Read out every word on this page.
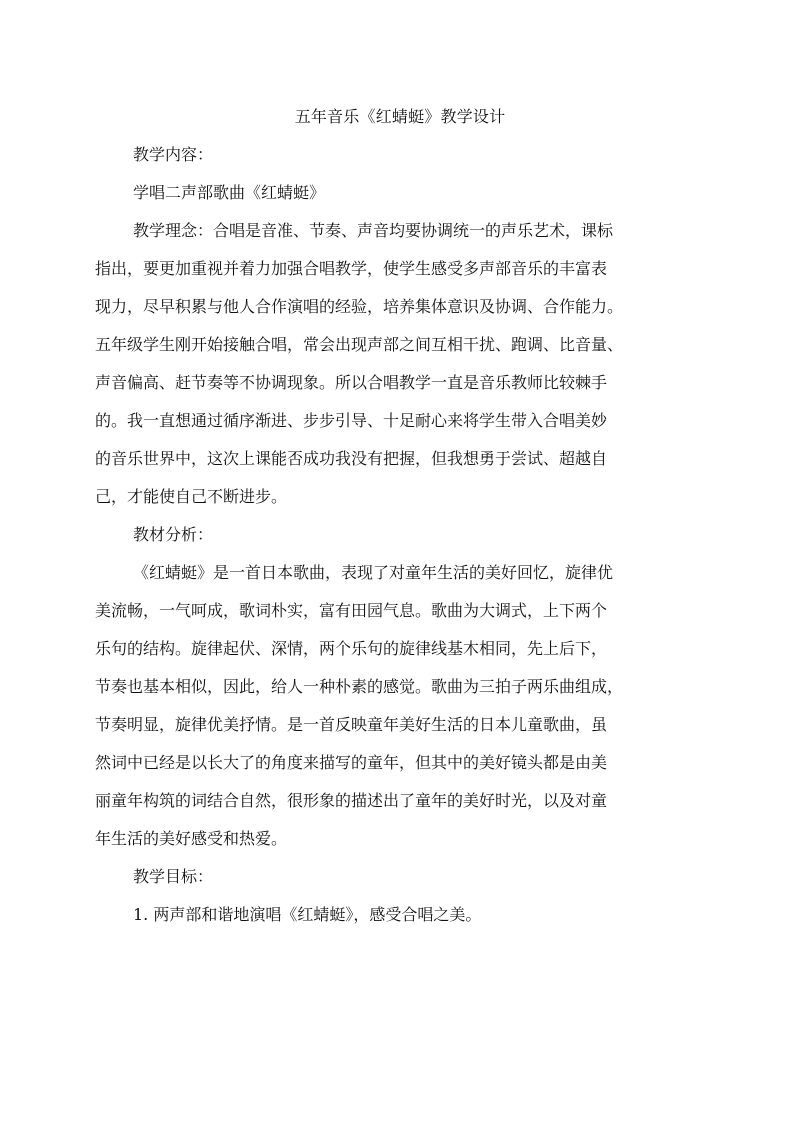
五年音乐《红蜻蜓》教学设计
教学内容：
学唱二声部歌曲《红蜻蜓》
教学理念：合唱是音准、节奏、声音均要协调统一的声乐艺术，课标
指出，要更加重视并着力加强合唱教学，使学生感受多声部音乐的丰富表
现力，尽早积累与他人合作演唱的经验，培养集体意识及协调、合作能力。
五年级学生刚开始接触合唱，常会出现声部之间互相干扰、跑调、比音量、
声音偏高、赶节奏等不协调现象。所以合唱教学一直是音乐教师比较棘手
的。我一直想通过循序渐进、步步引导、十足耐心来将学生带入合唱美妙
的音乐世界中，这次上课能否成功我没有把握，但我想勇于尝试、超越自
己，才能使自己不断进步。
教材分析：
《红蜻蜓》是一首日本歌曲，表现了对童年生活的美好回忆，旋律优
美流畅，一气呵成，歌词朴实，富有田园气息。歌曲为大调式，上下两个
乐句的结构。旋律起伏、深情，两个乐句的旋律线基木相同，先上后下，
节奏也基本相似，因此，给人一种朴素的感觉。歌曲为三拍子两乐曲组成，
节奏明显，旋律优美抒情。是一首反映童年美好生活的日本儿童歌曲，虽
然词中已经是以长大了的角度来描写的童年，但其中的美好镜头都是由美
丽童年构筑的词结合自然，很形象的描述出了童年的美好时光，以及对童
年生活的美好感受和热爱。
教学目标：
1. 两声部和谐地演唱《红蜻蜓》，感受合唱之美。
